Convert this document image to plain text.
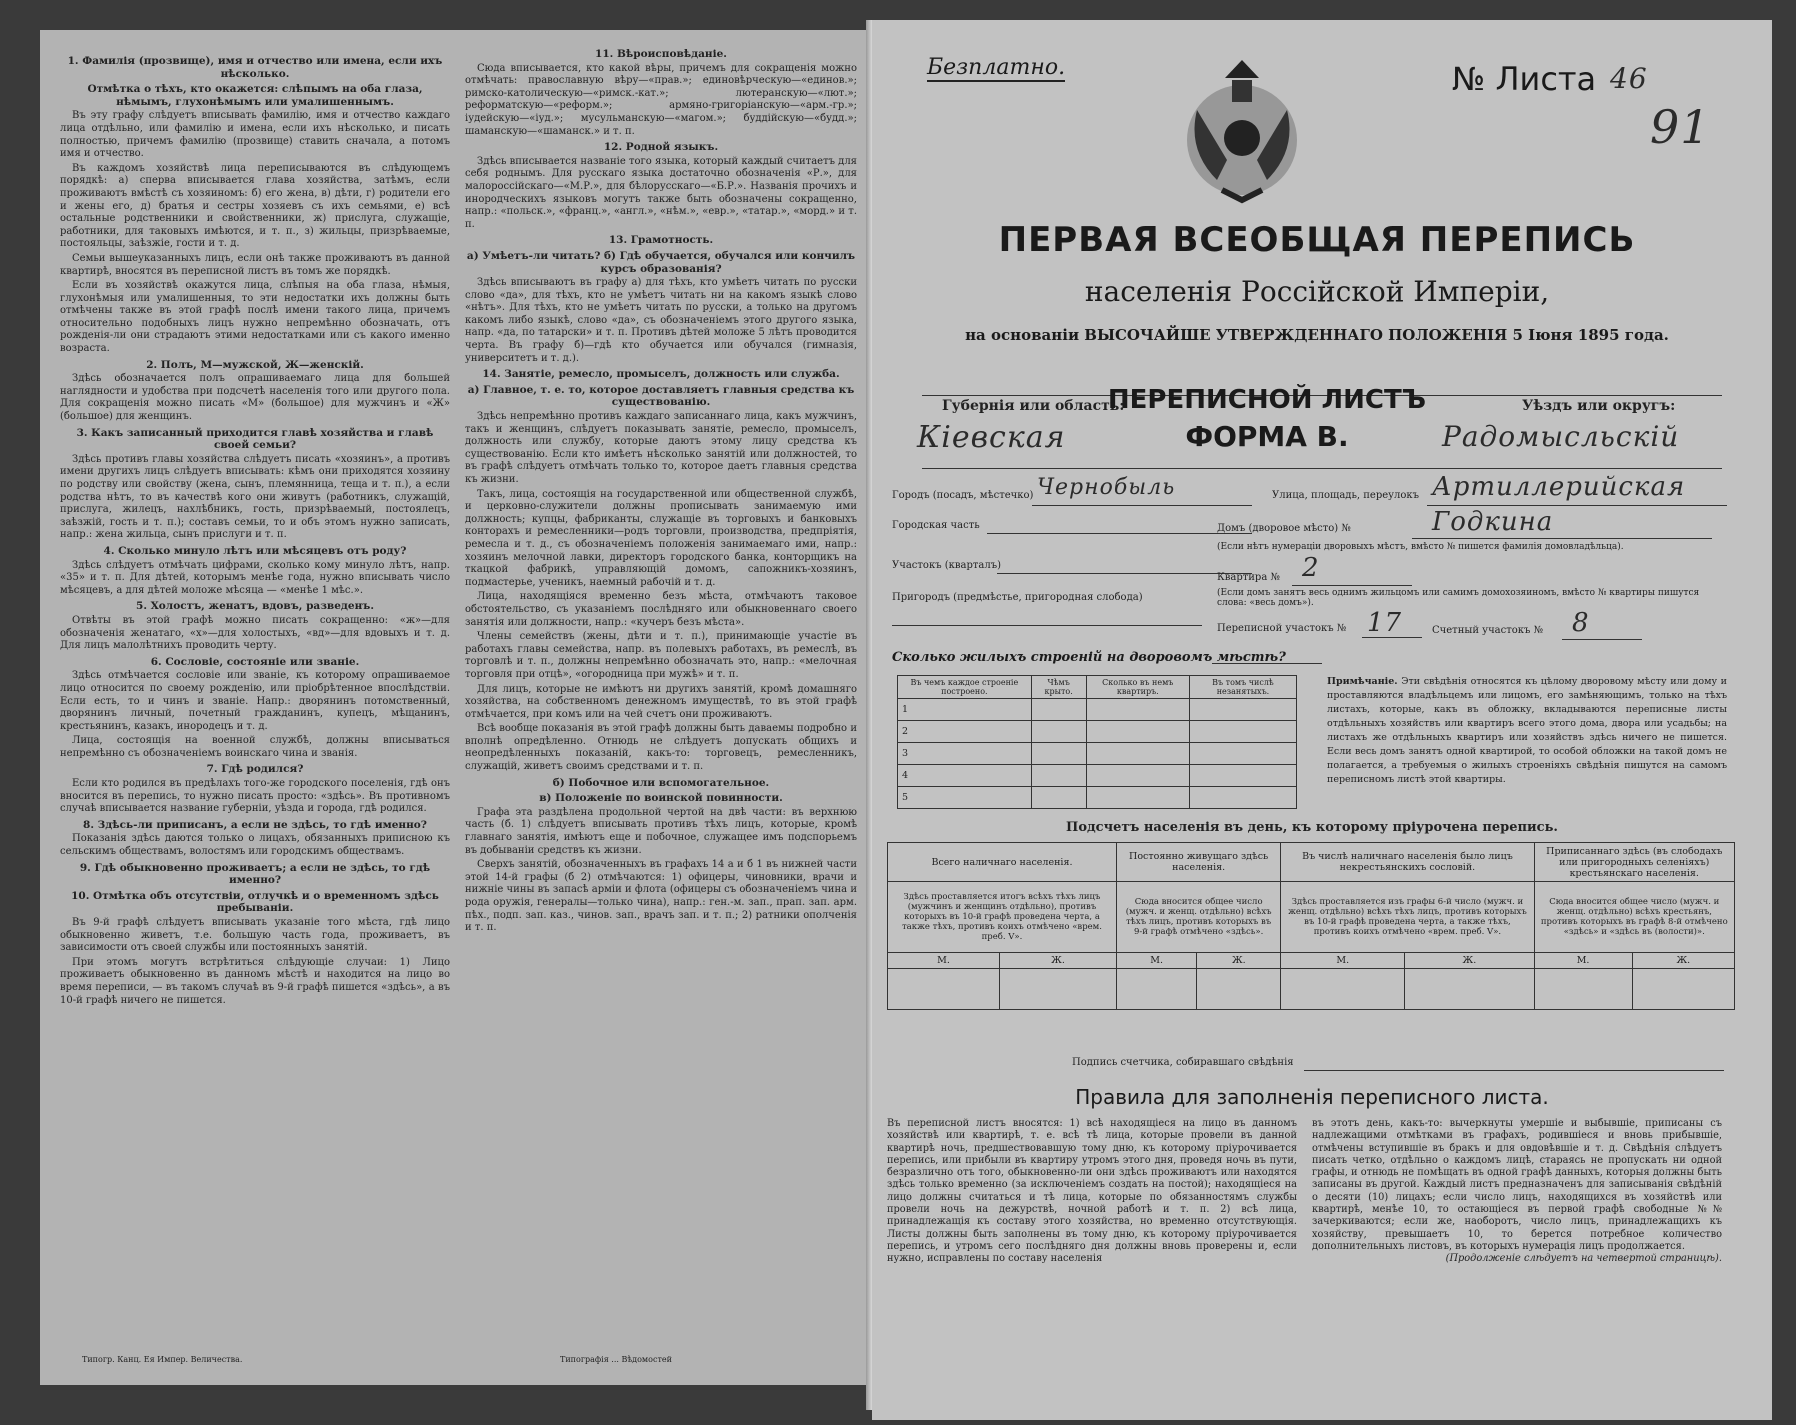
1. Фамилія (прозвище), имя и отчество или имена, если ихъ нѣсколько.

Отмѣтка о тѣхъ, кто окажется: слѣпымъ на оба глаза, нѣмымъ, глухонѣмымъ или умалишеннымъ.

Въ эту графу слѣдуетъ вписывать фамилію, имя и отчество каждаго лица отдѣльно, или фамилію и имена, если ихъ нѣсколько, и писать полностью, причемъ фамилію (прозвище) ставить сначала, а потомъ имя и отчество.

Въ каждомъ хозяйствѣ лица переписываются въ слѣдующемъ порядкѣ: а) сперва вписывается глава хозяйства, затѣмъ, если проживаютъ вмѣстѣ съ хозяиномъ: б) его жена, в) дѣти, г) родители его и жены его, д) братья и сестры хозяевъ съ ихъ семьями, е) всѣ остальные родственники и свойственники, ж) прислуга, служащіе, работники, для таковыхъ имѣются, и т. п., з) жильцы, призрѣваемые, постояльцы, заѣзжіе, гости и т. д.

Семьи вышеуказанныхъ лицъ, если онѣ также проживаютъ въ данной квартирѣ, вносятся въ переписной листъ въ томъ же порядкѣ.

Если въ хозяйствѣ окажутся лица, слѣпыя на оба глаза, нѣмыя, глухонѣмыя или умалишенныя, то эти недостатки ихъ должны быть отмѣчены также въ этой графѣ послѣ имени такого лица, причемъ относительно подобныхъ лицъ нужно непремѣнно обозначать, отъ рожденія-ли они страдаютъ этими недостатками или съ какого именно возраста.

2. Полъ, М—мужской, Ж—женскій.

Здѣсь обозначается полъ опрашиваемаго лица для большей наглядности и удобства при подсчетѣ населенія того или другого пола. Для сокращенія можно писать «М» (большое) для мужчинъ и «Ж» (большое) для женщинъ.

3. Какъ записанный приходится главѣ хозяйства и главѣ своей семьи?

Здѣсь противъ главы хозяйства слѣдуетъ писать «хозяинъ», а противъ имени другихъ лицъ слѣдуетъ вписывать: кѣмъ они приходятся хозяину по родству или свойству (жена, сынъ, племянница, теща и т. п.), а если родства нѣтъ, то въ качествѣ кого они живутъ (работникъ, служащій, прислуга, жилецъ, нахлѣбникъ, гость, призрѣваемый, постоялецъ, заѣзжій, гость и т. п.); составъ семьи, то и объ этомъ нужно записать, напр.: жена жильца, сынъ прислуги и т. п.

4. Сколько минуло лѣтъ или мѣсяцевъ отъ роду?

Здѣсь слѣдуетъ отмѣчать цифрами, сколько кому минуло лѣтъ, напр. «35» и т. п. Для дѣтей, которымъ менѣе года, нужно вписывать число мѣсяцевъ, а для дѣтей моложе мѣсяца — «менѣе 1 мѣс.».

5. Холостъ, женатъ, вдовъ, разведенъ.

Отвѣты въ этой графѣ можно писать сокращенно: «ж»—для обозначенія женатаго, «х»—для холостыхъ, «вд»—для вдовыхъ и т. д. Для лицъ малолѣтнихъ проводить черту.

6. Сословіе, состояніе или званіе.

Здѣсь отмѣчается сословіе или званіе, къ которому опрашиваемое лицо относится по своему рожденію, или пріобрѣтенное впослѣдствіи. Если есть, то и чинъ и званіе. Напр.: дворянинъ потомственный, дворянинъ личный, почетный гражданинъ, купецъ, мѣщанинъ, крестьянинъ, казакъ, инородецъ и т. д.

Лица, состоящія на военной службѣ, должны вписываться непремѣнно съ обозначеніемъ воинскаго чина и званія.

7. Гдѣ родился?

Если кто родился въ предѣлахъ того-же городского поселенія, гдѣ онъ вносится въ перепись, то нужно писать просто: «здѣсь». Въ противномъ случаѣ вписывается название губерніи, уѣзда и города, гдѣ родился.

8. Здѣсь-ли приписанъ, а если не здѣсь, то гдѣ именно?

Показанія здѣсь даются только о лицахъ, обязанныхъ приписною къ сельскимъ обществамъ, волостямъ или городскимъ обществамъ.

9. Гдѣ обыкновенно проживаетъ; а если не здѣсь, то гдѣ именно?

10. Отмѣтка объ отсутствіи, отлучкѣ и о временномъ здѣсь пребываніи.

Въ 9-й графѣ слѣдуетъ вписывать указаніе того мѣста, гдѣ лицо обыкновенно живетъ, т.е. большую часть года, проживаетъ, въ зависимости отъ своей службы или постоянныхъ занятій.

При этомъ могутъ встрѣтиться слѣдующіе случаи: 1) Лицо проживаетъ обыкновенно въ данномъ мѣстѣ и находится на лицо во время переписи, — въ такомъ случаѣ въ 9-й графѣ пишется «здѣсь», а въ 10-й графѣ ничего не пишется.

11. Вѣроисповѣданіе.

Сюда вписывается, кто какой вѣры, причемъ для сокращенія можно отмѣчать: православную вѣру—«прав.»; единовѣрческую—«единов.»; римско-католическую—«римск.-кат.»; лютеранскую—«лют.»; реформатскую—«реформ.»; армяно-григоріанскую—«арм.-гр.»; іудейскую—«іуд.»; мусульманскую—«магом.»; буддійскую—«будд.»; шаманскую—«шаманск.» и т. п.

12. Родной языкъ.

Здѣсь вписывается названіе того языка, который каждый считаетъ для себя роднымъ. Для русскаго языка достаточно обозначенія «Р.», для малороссійскаго—«М.Р.», для бѣлорусскаго—«Б.Р.». Названія прочихъ и инородческихъ языковъ могутъ также быть обозначены сокращенно, напр.: «польск.», «франц.», «англ.», «нѣм.», «евр.», «татар.», «морд.» и т. п.

13. Грамотность.

а) Умѣетъ-ли читать? б) Гдѣ обучается, обучался или кончилъ курсъ образованія?

Здѣсь вписываютъ въ графу а) для тѣхъ, кто умѣетъ читать по русски слово «да», для тѣхъ, кто не умѣетъ читать ни на какомъ языкѣ слово «нѣтъ». Для тѣхъ, кто не умѣетъ читать по русски, а только на другомъ какомъ либо языкѣ, слово «да», съ обозначеніемъ этого другого языка, напр. «да, по татарски» и т. п. Противъ дѣтей моложе 5 лѣтъ проводится черта. Въ графу б)—гдѣ кто обучается или обучался (гимназія, университетъ и т. д.).

14. Занятіе, ремесло, промыселъ, должность или служба.

а) Главное, т. е. то, которое доставляетъ главныя средства къ существованію.

Здѣсь непремѣнно противъ каждаго записаннаго лица, какъ мужчинъ, такъ и женщинъ, слѣдуетъ показывать занятіе, ремесло, промыселъ, должность или службу, которые даютъ этому лицу средства къ существованію. Если кто имѣетъ нѣсколько занятій или должностей, то въ графѣ слѣдуетъ отмѣчать только то, которое даетъ главныя средства къ жизни.

Такъ, лица, состоящія на государственной или общественной службѣ, и церковно-служители должны прописывать занимаемую ими должность; купцы, фабриканты, служащіе въ торговыхъ и банковыхъ конторахъ и ремесленники—родъ торговли, производства, предпріятія, ремесла и т. д., съ обозначеніемъ положенія занимаемаго ими, напр.: хозяинъ мелочной лавки, директоръ городского банка, конторщикъ на ткацкой фабрикѣ, управляющій домомъ, сапожникъ-хозяинъ, подмастерье, ученикъ, наемный рабочій и т. д.

Лица, находящіяся временно безъ мѣста, отмѣчаютъ таковое обстоятельство, съ указаніемъ послѣдняго или обыкновеннаго своего занятія или должности, напр.: «кучеръ безъ мѣста».

Члены семействъ (жены, дѣти и т. п.), принимающіе участіе въ работахъ главы семейства, напр. въ полевыхъ работахъ, въ ремеслѣ, въ торговлѣ и т. п., должны непремѣнно обозначать это, напр.: «мелочная торговля при отцѣ», «огородница при мужѣ» и т. п.

Для лицъ, которые не имѣютъ ни другихъ занятій, кромѣ домашняго хозяйства, на собственномъ денежномъ имуществѣ, то въ этой графѣ отмѣчается, при комъ или на чей счетъ они проживаютъ.

Всѣ вообще показанія въ этой графѣ должны быть даваемы подробно и вполнѣ опредѣленно. Отнюдь не слѣдуетъ допускать общихъ и неопредѣленныхъ показаній, какъ-то: торговецъ, ремесленникъ, служащій, живетъ своимъ средствами и т. п.

б) Побочное или вспомогательное.

в) Положеніе по воинской повинности.

Графа эта раздѣлена продольной чертой на двѣ части: въ верхнюю часть (б. 1) слѣдуетъ вписывать противъ тѣхъ лицъ, которые, кромѣ главнаго занятія, имѣютъ еще и побочное, служащее имъ подспорьемъ въ добываніи средствъ къ жизни.

Сверхъ занятій, обозначенныхъ въ графахъ 14 а и б 1 въ нижней части этой 14-й графы (б 2) отмѣчаются: 1) офицеры, чиновники, врачи и нижніе чины въ запасѣ арміи и флота (офицеры съ обозначеніемъ чина и рода оружія, генералы—только чина), напр.: ген.-м. зап., прап. зап. арм. пѣх., подп. зап. каз., чинов. зап., врачъ зап. и т. п.; 2) ратники ополченія и т. п.

Типогр. Канц. Ея Импер. Величества.	Типографія ... Вѣдомостей
Безплатно.	№ Листа 46
91
ПЕРВАЯ ВСЕОБЩАЯ ПЕРЕПИСЬ
населенія Россійской Имперіи,
на основаніи ВЫСОЧАЙШЕ УТВЕРЖДЕННАГО ПОЛОЖЕНІЯ 5 Іюня 1895 года.
Губернія или область:
Кіевская
ПЕРЕПИСНОЙ ЛИСТЪ
ФОРМА В.
Уѣздъ или округъ:
Радомысльскій
Городъ (посадъ, мѣстечко) Чернобыль	Улица, площадь, переулокъ Артиллерийская
Городская часть	Домъ (дворовое мѣсто) №	Годкина
(Если нѣтъ нумераціи дворовыхъ мѣстъ, вмѣсто № пишется фамилія домовладѣльца).
Участокъ (кварталъ)
Квартира № 2
(Если домъ занятъ весь однимъ жильцомъ или самимъ домохозяиномъ, вмѣсто № квартиры пишутся слова: «весь домъ»).
Пригородъ (предмѣстье, пригородная слобода)
Переписной участокъ № 17	Счетный участокъ № 8
Сколько жилыхъ строеній на дворовомъ мѣстѣ?
Въ чемъ каждое строеніе построено.	Чѣмъ крыто.	Сколько въ немъ квартиръ.	Въ томъ числѣ незанятыхъ.
1			
2			
3			
4			
5			
Примѣчаніе. Эти свѣдѣнія относятся къ цѣлому дворовому мѣсту или дому и проставляются владѣльцемъ или лицомъ, его замѣняющимъ, только на тѣхъ листахъ, которые, какъ въ обложку, вкладываются переписные листы отдѣльныхъ хозяйствъ или квартиръ всего этого дома, двора или усадьбы; на листахъ же отдѣльныхъ квартиръ или хозяйствъ здѣсь ничего не пишется. Если весь домъ занятъ одной квартирой, то особой обложки на такой домъ не полагается, а требуемыя о жилыхъ строеніяхъ свѣдѣнія пишутся на самомъ переписномъ листѣ этой квартиры.
Подсчетъ населенія въ день, къ которому пріурочена перепись.
Всего наличнаго населенія.		Постоянно живущаго здѣсь населенія.		Въ числѣ наличнаго населенія было лицъ некрестьянскихъ сословій.		Приписаннаго здѣсь (въ слободахъ или пригородныхъ селеніяхъ) крестьянскаго населенія.	
Здѣсь проставляется итогъ всѣхъ тѣхъ лицъ (мужчинъ и женщинъ отдѣльно), противъ которыхъ въ 10-й графѣ проведена черта, а также тѣхъ, противъ коихъ отмѣчено «врем. преб. V».		Сюда вносится общее число (мужч. и женщ. отдѣльно) всѣхъ тѣхъ лицъ, противъ которыхъ въ 9-й графѣ отмѣчено «здѣсь».		Здѣсь проставляется изъ графы 6-й число (мужч. и женщ. отдѣльно) всѣхъ тѣхъ лицъ, противъ которыхъ въ 10-й графѣ проведена черта, а также тѣхъ, противъ коихъ отмѣчено «врем. преб. V».		Сюда вносится общее число (мужч. и женщ. отдѣльно) всѣхъ крестьянъ, противъ которыхъ въ графѣ 8-й отмѣчено «здѣсь» и «здѣсь въ (волости)».	
М.	Ж.	М.	Ж.	М.	Ж.	М.	Ж.

Подпись счетчика, собиравшаго свѣдѣнія
Правила для заполненія переписного листа.
Въ переписной листъ вносятся: 1) всѣ находящіеся на лицо въ данномъ хозяйствѣ или квартирѣ, т. е. всѣ тѣ лица, которые провели въ данной квартирѣ ночь, предшествовавшую тому дню, къ которому пріурочивается перепись, или прибыли въ квартиру утромъ этого дня, проведя ночь въ пути, безразлично отъ того, обыкновенно-ли они здѣсь проживаютъ или находятся здѣсь только временно (за исключеніемъ создать на постой); находящіеся на лицо должны считаться и тѣ лица, которые по обязанностямъ службы провели ночь на дежурствѣ, ночной работѣ и т. п. 2) всѣ лица, принадлежащія къ составу этого хозяйства, но временно отсутствующія. Листы должны быть заполнены въ тому дню, къ которому пріурочивается перепись, и утромъ сего послѣдняго дня должны вновь проверены и, если нужно, исправлены по составу населенія
въ этотъ день, какъ-то: вычеркнуты умершіе и выбывшіе, приписаны съ надлежащими отмѣтками въ графахъ, родившіеся и вновь прибывшіе, отмѣчены вступившіе въ бракъ и для овдовѣвшіе и т. д. Свѣдѣнія слѣдуетъ писать четко, отдѣльно о каждомъ лицѣ, стараясь не пропускать ни одной графы, и отнюдь не помѣщать въ одной графѣ данныхъ, которыя должны быть записаны въ другой. Каждый листъ предназначенъ для записыванія свѣдѣній о десяти (10) лицахъ; если число лицъ, находящихся въ хозяйствѣ или квартирѣ, менѣе 10, то остающіеся въ первой графѣ свободные №№ зачеркиваются; если же, наоборотъ, число лицъ, принадлежащихъ къ хозяйству, превышаетъ 10, то берется потребное количество дополнительныхъ листовъ, въ которыхъ нумерація лицъ продолжается.
(Продолженіе слѣдуетъ на четвертой страницѣ).
